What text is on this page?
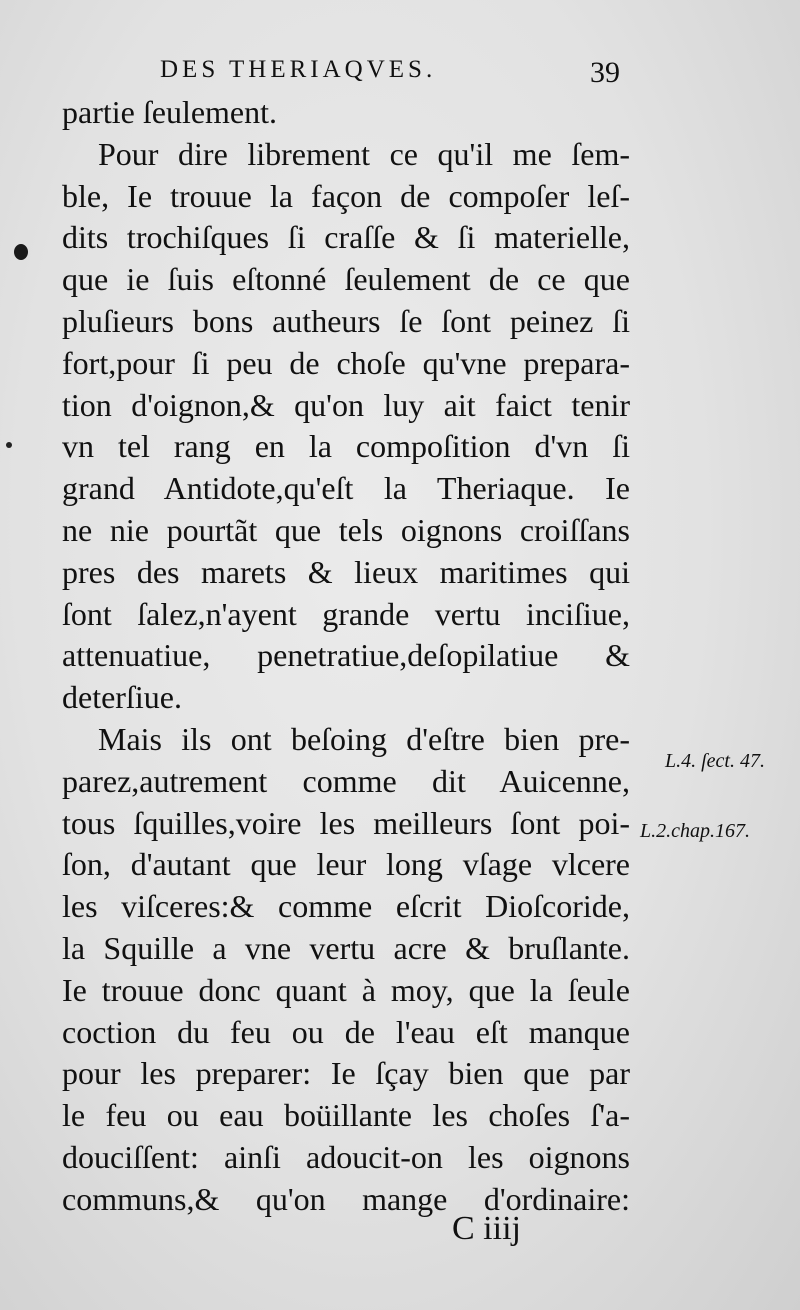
DES THERIAQVES.	39
partie ſeulement.
Pour dire librement ce qu'il me ſem-
ble, Ie trouue la façon de compoſer leſ-
dits trochiſques ſi craſſe & ſi materielle,
que ie ſuis eſtonné ſeulement de ce que
pluſieurs bons autheurs ſe ſont peinez ſi
fort,pour ſi peu de choſe qu'vne prepara-
tion d'oignon,& qu'on luy ait faict tenir
vn tel rang en la compoſition d'vn ſi
grand Antidote,qu'eſt la Theriaque. Ie
ne nie pourtãt que tels oignons croiſſans
pres des marets & lieux maritimes qui
ſont ſalez,n'ayent grande vertu inciſiue,
attenuatiue, penetratiue,deſopilatiue &
deterſiue.
Mais ils ont beſoing d'eſtre bien pre-
parez,autrement comme dit Auicenne,
tous ſquilles,voire les meilleurs ſont poi-
ſon, d'autant que leur long vſage vlcere
les viſceres:& comme eſcrit Dioſcoride,
la Squille a vne vertu acre & bruſlante.
Ie trouue donc quant à moy, que la ſeule
coction du feu ou de l'eau eſt manque
pour les preparer: Ie ſçay bien que par
le feu ou eau boüillante les choſes ſ'a-
douciſſent: ainſi adoucit-on les oignons
communs,& qu'on mange d'ordinaire:
L.4. ſect. 47.
L.2.chap.167.
C iiij
